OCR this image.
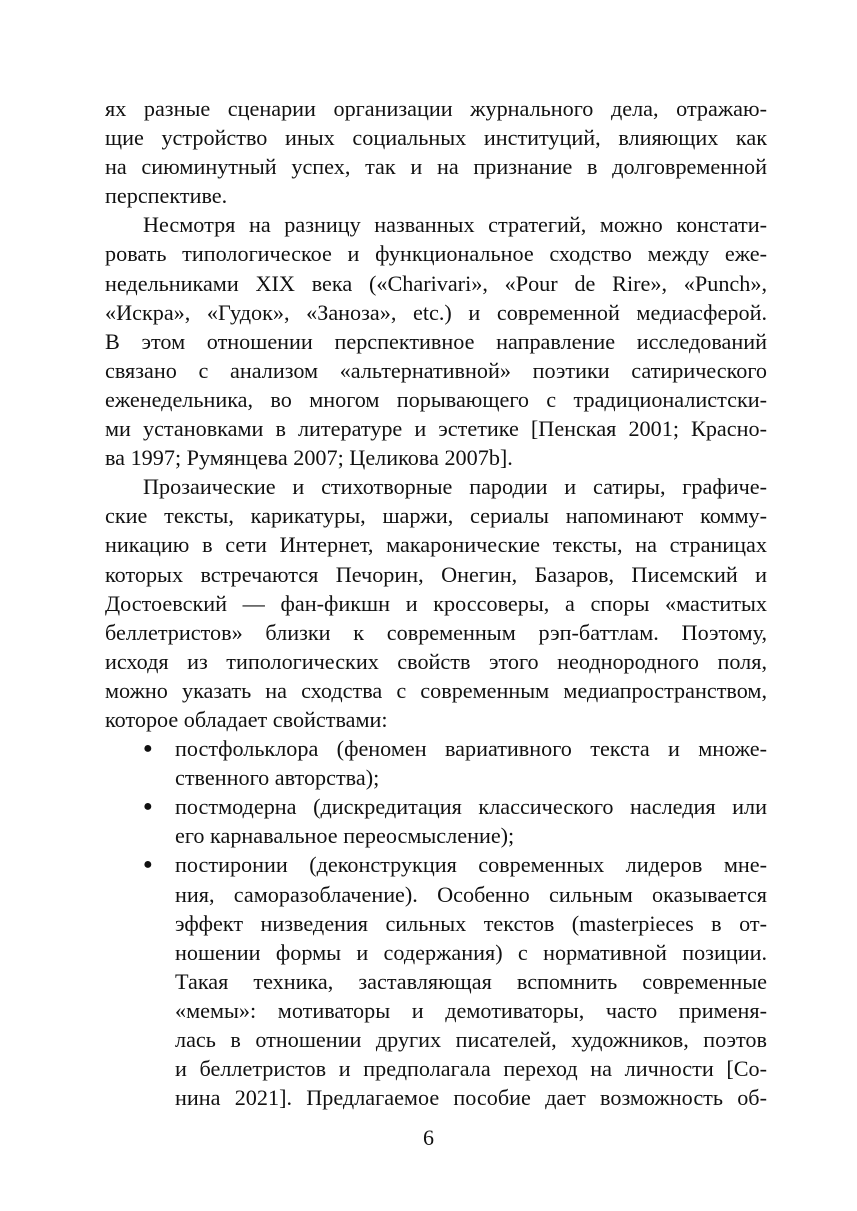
ях разные сценарии организации журнального дела, отражаю-
щие устройство иных социальных институций, влияющих как
на сиюминутный успех, так и на признание в долговременной
перспективе.
Несмотря на разницу названных стратегий, можно констати-
ровать типологическое и функциональное сходство между еже-
недельниками XIX века («Charivari», «Pour de Rire», «Punch»,
«Искра», «Гудок», «Заноза», etc.) и современной медиасферой.
В этом отношении перспективное направление исследований
связано с анализом «альтернативной» поэтики сатирического
еженедельника, во многом порывающего с традиционалистски-
ми установками в литературе и эстетике [Пенская 2001; Красно-
ва 1997; Румянцева 2007; Целикова 2007b].
Прозаические и стихотворные пародии и сатиры, графиче-
ские тексты, карикатуры, шаржи, сериалы напоминают комму-
никацию в сети Интернет, макаронические тексты, на страницах
которых встречаются Печорин, Онегин, Базаров, Писемский и
Достоевский — фан-фикшн и кроссоверы, а споры «маститых
беллетристов» близки к современным рэп-баттлам. Поэтому,
исходя из типологических свойств этого неоднородного поля,
можно указать на сходства с современным медиапространством,
которое обладает свойствами:
● постфольклора (феномен вариативного текста и множе-
ственного авторства);
● постмодерна (дискредитация классического наследия или
его карнавальное переосмысление);
● постиронии (деконструкция современных лидеров мне-
ния, саморазоблачение). Особенно сильным оказывается
эффект низведения сильных текстов (masterpieces в от-
ношении формы и содержания) с нормативной позиции.
Такая техника, заставляющая вспомнить современные
«мемы»: мотиваторы и демотиваторы, часто применя-
лась в отношении других писателей, художников, поэтов
и беллетристов и предполагала переход на личности [Со-
нина 2021]. Предлагаемое пособие дает возможность об-
6
